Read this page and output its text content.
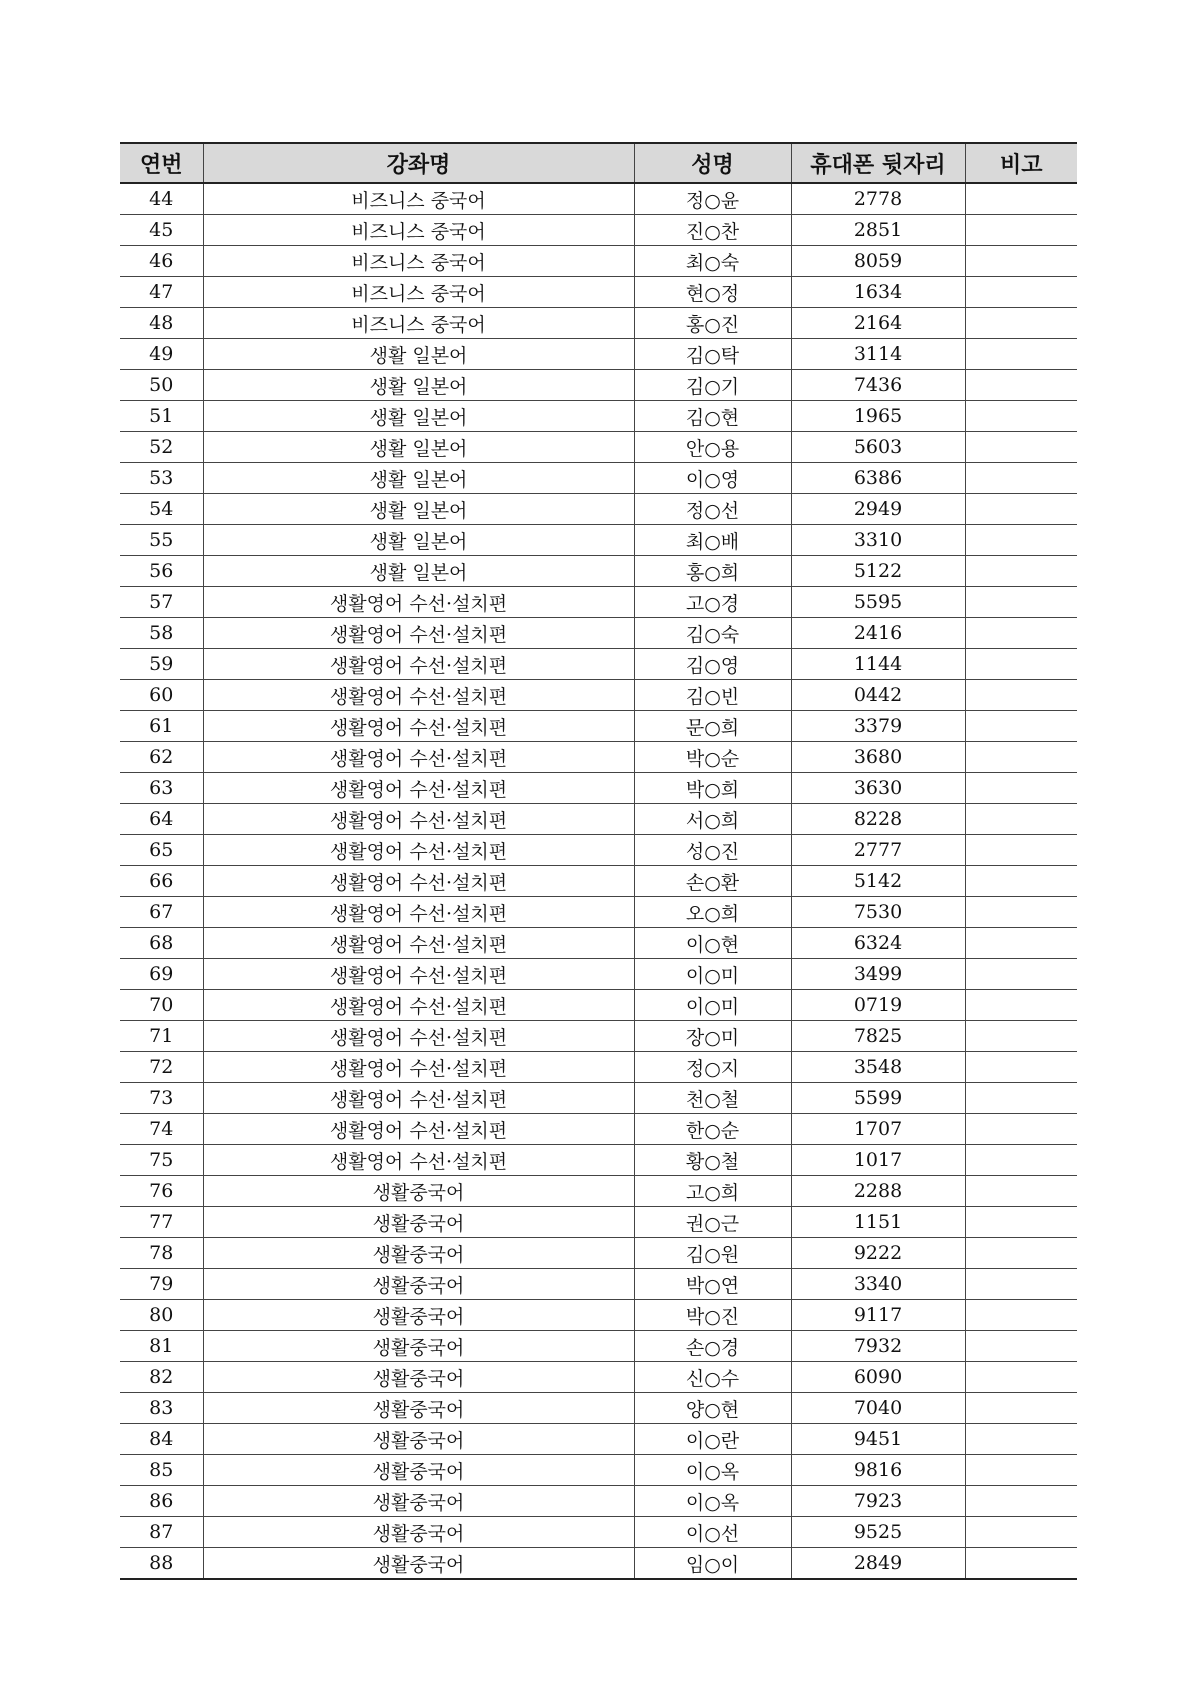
연번	강좌명	성명	휴대폰 뒷자리	비고
44	비즈니스 중국어	정○윤	2778	
45	비즈니스 중국어	진○찬	2851	
46	비즈니스 중국어	최○숙	8059	
47	비즈니스 중국어	현○정	1634	
48	비즈니스 중국어	홍○진	2164	
49	생활 일본어	김○탁	3114	
50	생활 일본어	김○기	7436	
51	생활 일본어	김○현	1965	
52	생활 일본어	안○용	5603	
53	생활 일본어	이○영	6386	
54	생활 일본어	정○선	2949	
55	생활 일본어	최○배	3310	
56	생활 일본어	홍○희	5122	
57	생활영어 수선·설치편	고○경	5595	
58	생활영어 수선·설치편	김○숙	2416	
59	생활영어 수선·설치편	김○영	1144	
60	생활영어 수선·설치편	김○빈	0442	
61	생활영어 수선·설치편	문○희	3379	
62	생활영어 수선·설치편	박○순	3680	
63	생활영어 수선·설치편	박○희	3630	
64	생활영어 수선·설치편	서○희	8228	
65	생활영어 수선·설치편	성○진	2777	
66	생활영어 수선·설치편	손○환	5142	
67	생활영어 수선·설치편	오○희	7530	
68	생활영어 수선·설치편	이○현	6324	
69	생활영어 수선·설치편	이○미	3499	
70	생활영어 수선·설치편	이○미	0719	
71	생활영어 수선·설치편	장○미	7825	
72	생활영어 수선·설치편	정○지	3548	
73	생활영어 수선·설치편	천○철	5599	
74	생활영어 수선·설치편	한○순	1707	
75	생활영어 수선·설치편	황○철	1017	
76	생활중국어	고○희	2288	
77	생활중국어	권○근	1151	
78	생활중국어	김○원	9222	
79	생활중국어	박○연	3340	
80	생활중국어	박○진	9117	
81	생활중국어	손○경	7932	
82	생활중국어	신○수	6090	
83	생활중국어	양○현	7040	
84	생활중국어	이○란	9451	
85	생활중국어	이○옥	9816	
86	생활중국어	이○옥	7923	
87	생활중국어	이○선	9525	
88	생활중국어	임○이	2849	
